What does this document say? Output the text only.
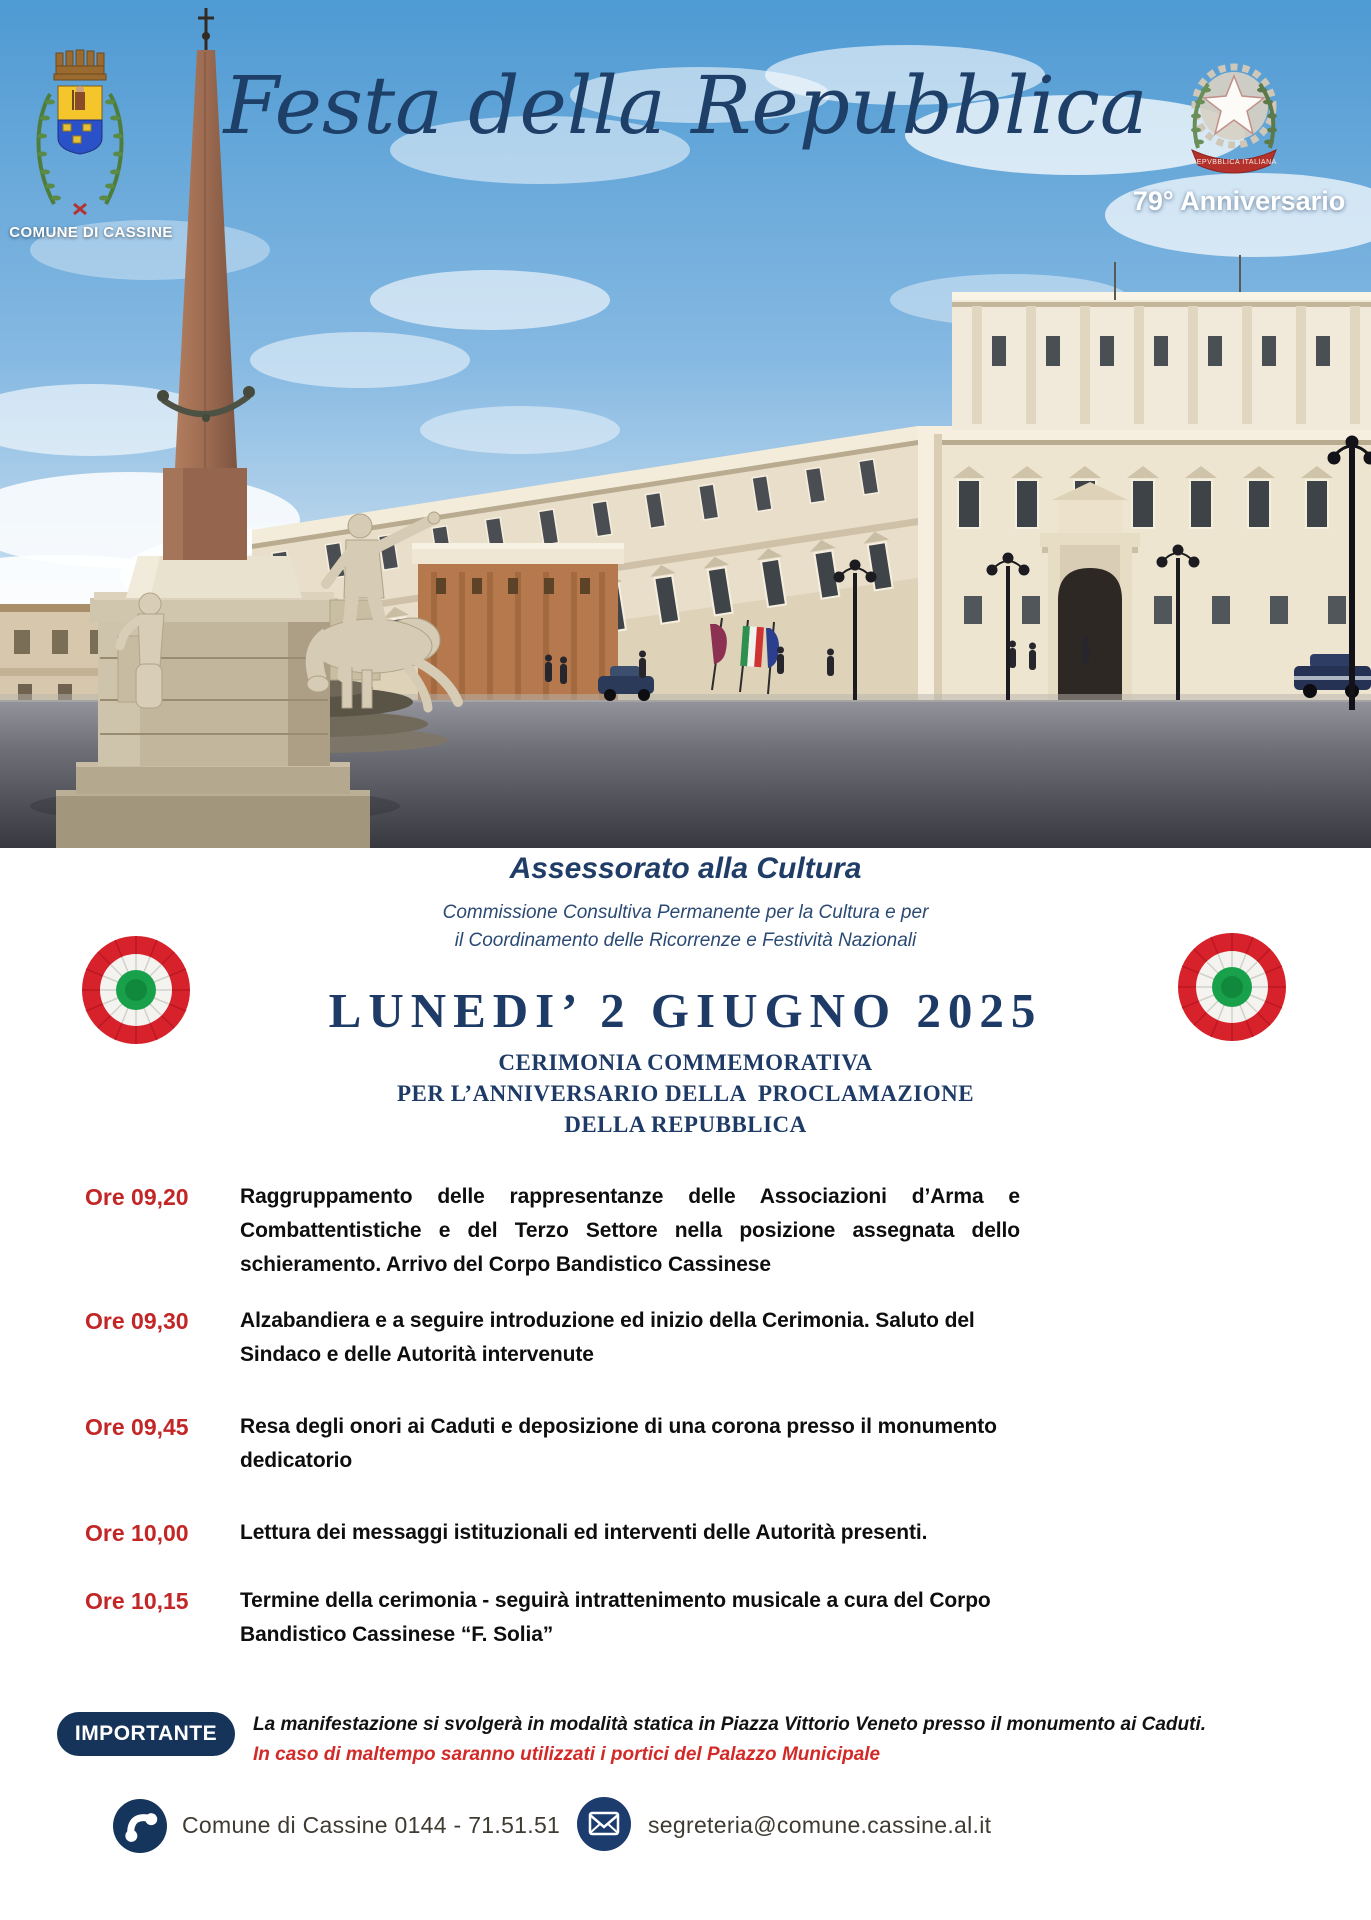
COMUNE DI CASSINE
Festa della Repubblica
REPVBBLICA ITALIANA
79° Anniversario
Assessorato alla Cultura
Commissione Consultiva Permanente per la Cultura e per
il Coordinamento delle Ricorrenze e Festività Nazionali
LUNEDI’ 2 GIUGNO 2025
CERIMONIA COMMEMORATIVA
PER L’ANNIVERSARIO DELLA  PROCLAMAZIONE
DELLA REPUBBLICA
Ore 09,20	Raggruppamento delle rappresentanze delle Associazioni d’Arma e Combattentistiche e del Terzo Settore nella posizione assegnata dello schieramento. Arrivo del Corpo Bandistico Cassinese
Ore 09,30	Alzabandiera e a seguire introduzione ed inizio della Cerimonia. Saluto del Sindaco e delle Autorità intervenute
Ore 09,45	Resa degli onori ai Caduti e deposizione di una corona presso il monumento dedicatorio
Ore 10,00	Lettura dei messaggi istituzionali ed interventi delle Autorità presenti.
Ore 10,15	Termine della cerimonia - seguirà intrattenimento musicale a cura del Corpo Bandistico Cassinese “F. Solia”
IMPORTANTE	La manifestazione si svolgerà in modalità statica in Piazza Vittorio Veneto presso il monumento ai Caduti.
In caso di maltempo saranno utilizzati i portici del Palazzo Municipale
Comune di Cassine 0144 - 71.51.51	segreteria@comune.cassine.al.it
